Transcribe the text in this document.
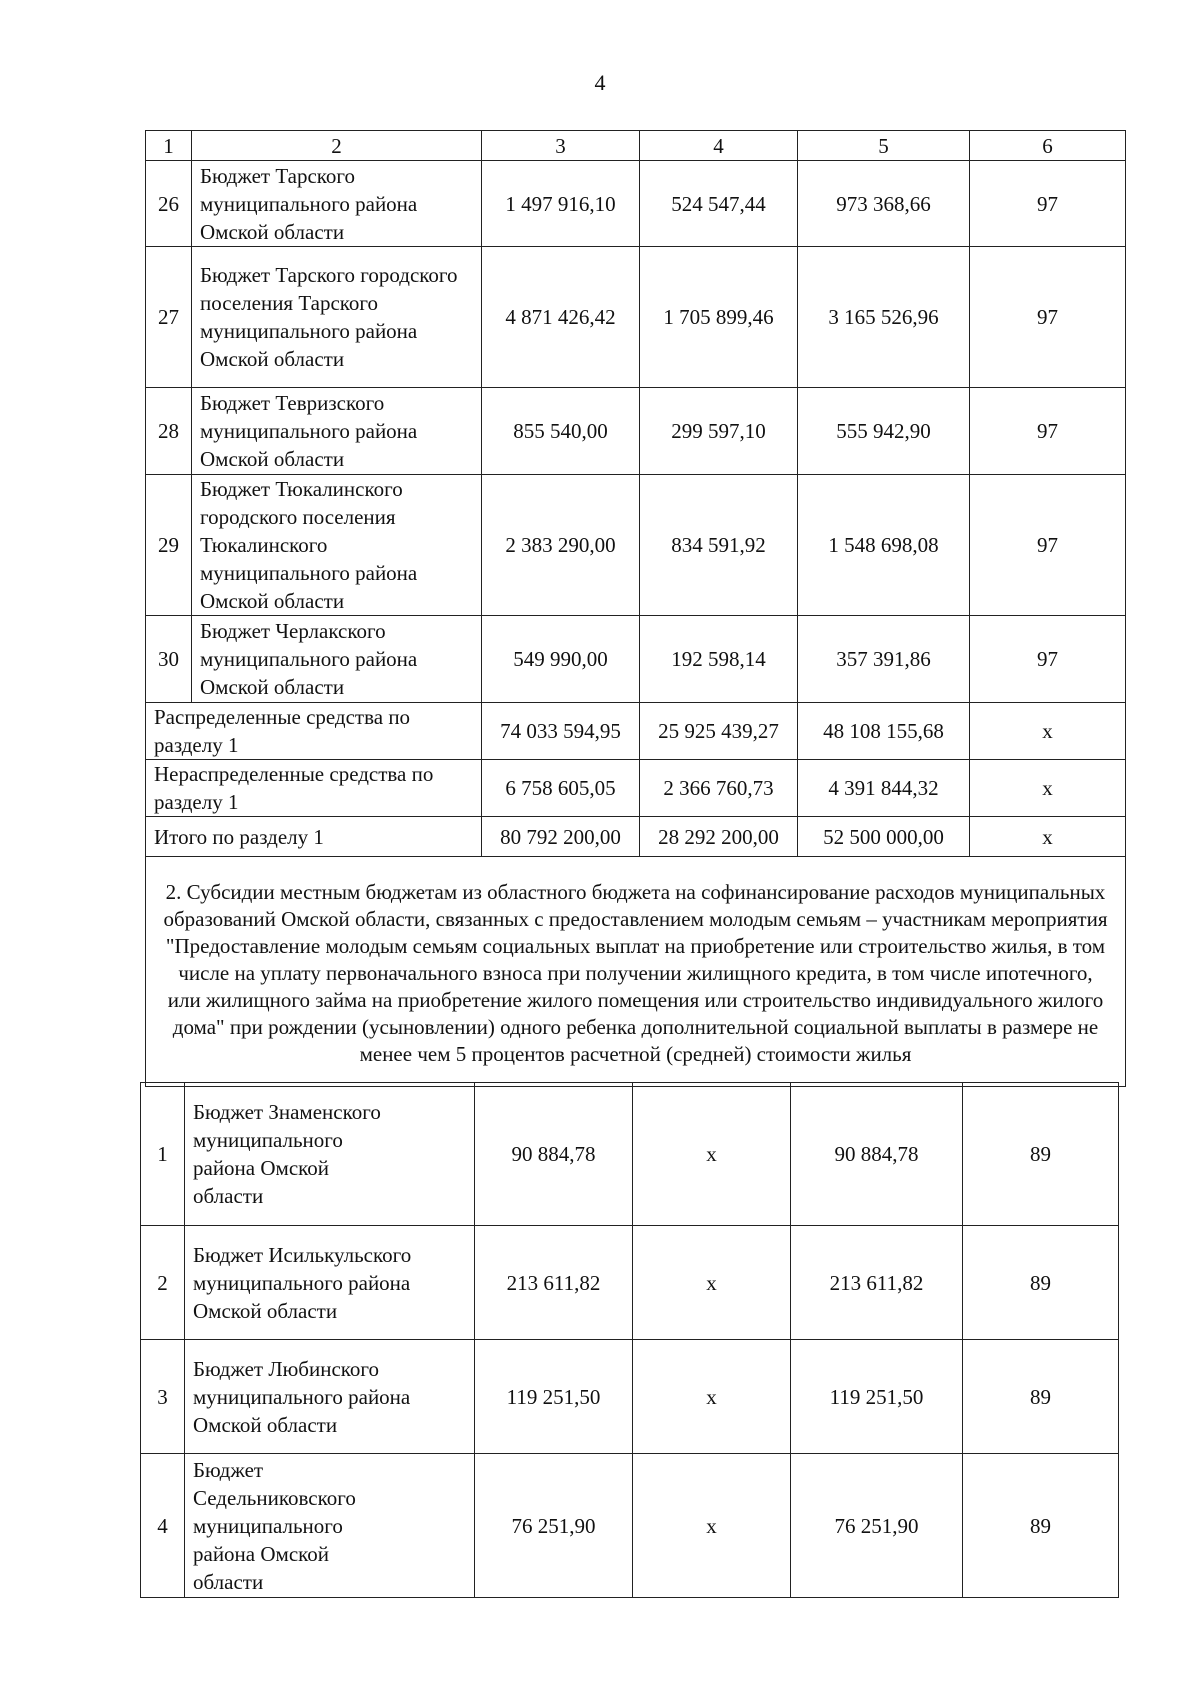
4
1	2	3	4	5	6
26	Бюджет Тарского муниципального района Омской области	1 497 916,10	524 547,44	973 368,66	97
27	Бюджет Тарского городского поселения Тарского муниципального района Омской области	4 871 426,42	1 705 899,46	3 165 526,96	97
28	Бюджет Тевризского муниципального района Омской области	855 540,00	299 597,10	555 942,90	97
29	Бюджет Тюкалинского городского поселения Тюкалинского муниципального района Омской области	2 383 290,00	834 591,92	1 548 698,08	97
30	Бюджет Черлакского муниципального района Омской области	549 990,00	192 598,14	357 391,86	97
Распределенные средства по разделу 1		74 033 594,95	25 925 439,27	48 108 155,68	x
Нераспределенные средства по разделу 1		6 758 605,05	2 366 760,73	4 391 844,32	x
Итого по разделу 1		80 792 200,00	28 292 200,00	52 500 000,00	x
2. Субсидии местным бюджетам из областного бюджета на софинансирование расходов муниципальных образований Омской области, связанных с предоставлением молодым семьям – участникам мероприятия "Предоставление молодым семьям социальных выплат на приобретение или строительство жилья, в том числе на уплату первоначального взноса при получении жилищного кредита, в том числе ипотечного, или жилищного займа на приобретение жилого помещения или строительство индивидуального жилого дома" при рождении (усыновлении) одного ребенка дополнительной социальной выплаты в размере не менее чем 5 процентов расчетной (средней) стоимости жилья					
1	Бюджет Знаменского муниципального района Омской области	90 884,78	x	90 884,78	89
2	Бюджет Исилькульского муниципального района Омской области	213 611,82	x	213 611,82	89
3	Бюджет Любинского муниципального района Омской области	119 251,50	x	119 251,50	89
4	Бюджет Седельниковского муниципального района Омской области	76 251,90	x	76 251,90	89
